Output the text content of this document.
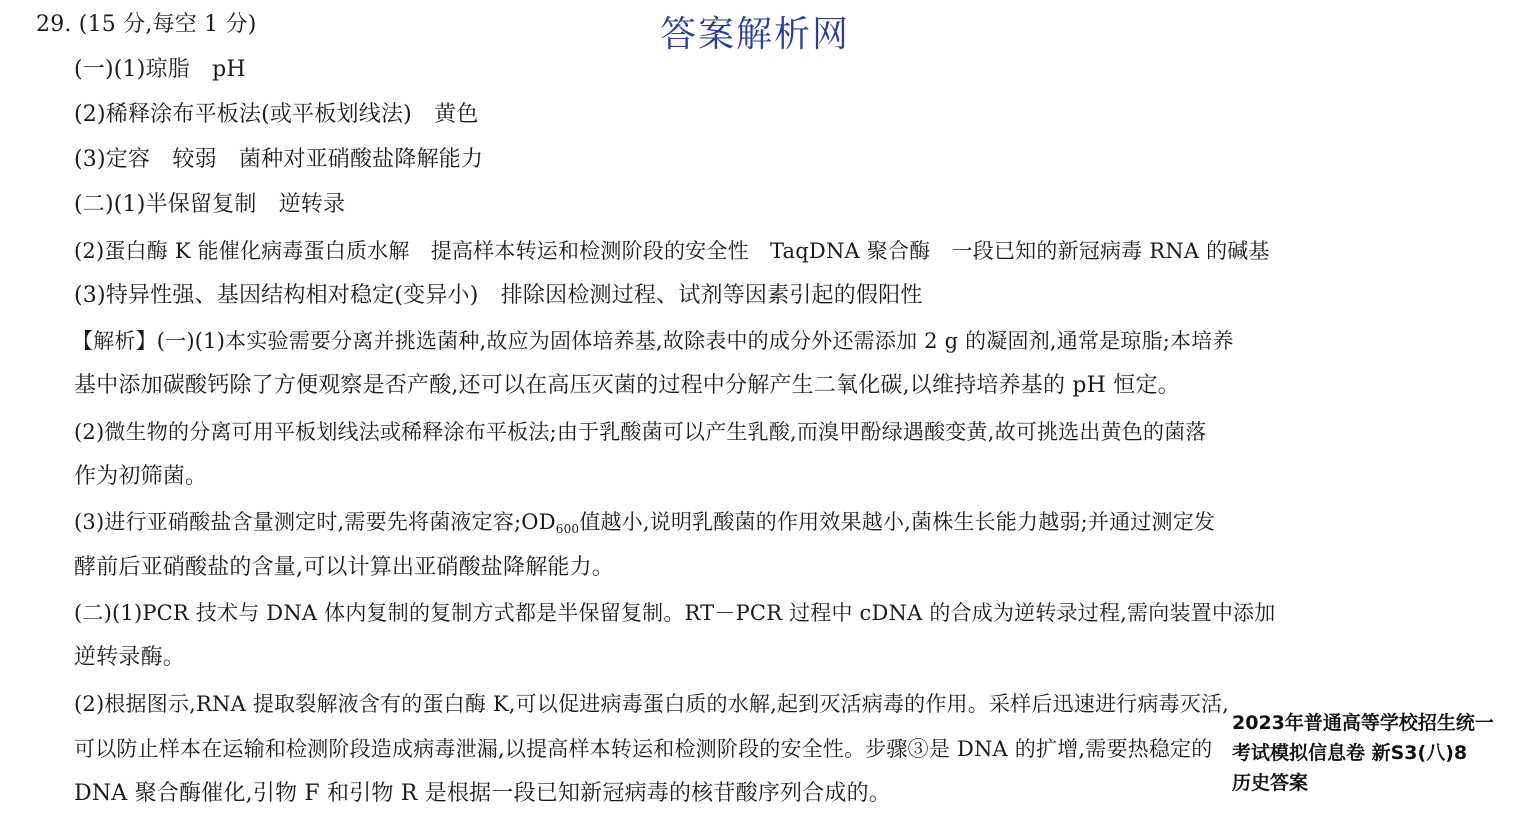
答案解析网
29. (15 分,每空 1 分)
(一)(1)琼脂　pH
(2)稀释涂布平板法(或平板划线法)　黄色
(3)定容　较弱　菌种对亚硝酸盐降解能力
(二)(1)半保留复制　逆转录
(2)蛋白酶 K 能催化病毒蛋白质水解　提高样本转运和检测阶段的安全性　TaqDNA 聚合酶　一段已知的新冠病毒 RNA 的碱基
(3)特异性强、基因结构相对稳定(变异小)　排除因检测过程、试剂等因素引起的假阳性
【解析】(一)(1)本实验需要分离并挑选菌种,故应为固体培养基,故除表中的成分外还需添加 2 g 的凝固剂,通常是琼脂;本培养
基中添加碳酸钙除了方便观察是否产酸,还可以在高压灭菌的过程中分解产生二氧化碳,以维持培养基的 pH 恒定。
(2)微生物的分离可用平板划线法或稀释涂布平板法;由于乳酸菌可以产生乳酸,而溴甲酚绿遇酸变黄,故可挑选出黄色的菌落
作为初筛菌。
(3)进行亚硝酸盐含量测定时,需要先将菌液定容$;OD_{600}$值越小,说明乳酸菌的作用效果越小,菌株生长能力越弱;并通过测定发
酵前后亚硝酸盐的含量,可以计算出亚硝酸盐降解能力。
(二)(1)PCR 技术与 DNA 体内复制的复制方式都是半保留复制。RT－PCR 过程中 cDNA 的合成为逆转录过程,需向装置中添加
逆转录酶。
(2)根据图示,RNA 提取裂解液含有的蛋白酶 K,可以促进病毒蛋白质的水解,起到灭活病毒的作用。采样后迅速进行病毒灭活,
可以防止样本在运输和检测阶段造成病毒泄漏,以提高样本转运和检测阶段的安全性。步骤③是 DNA 的扩增,需要热稳定的
DNA 聚合酶催化,引物 F 和引物 R 是根据一段已知新冠病毒的核苷酸序列合成的。
2023年普通高等学校招生统一
考试模拟信息卷 新S3(八)8
历史答案
